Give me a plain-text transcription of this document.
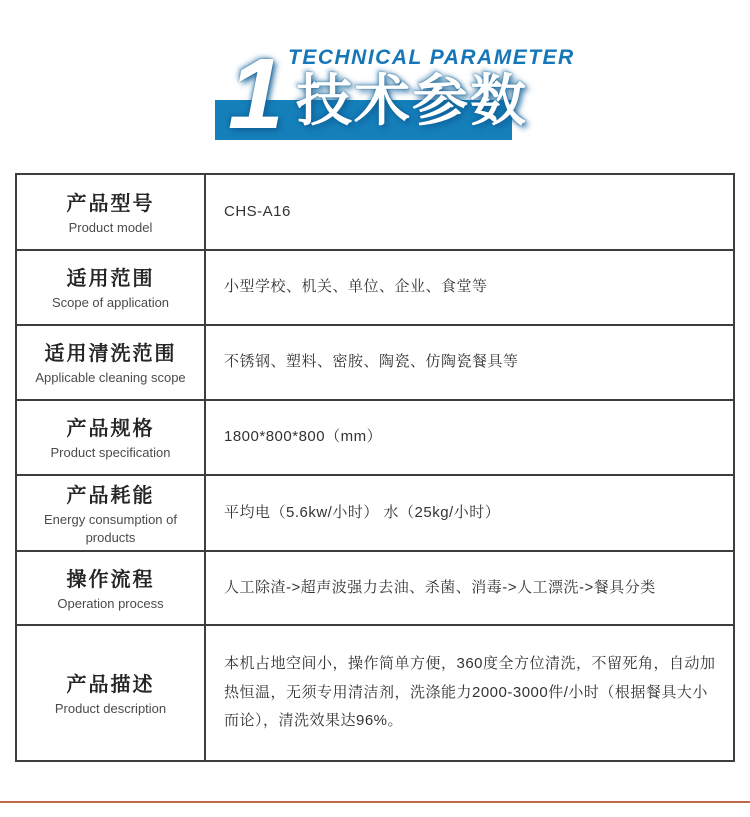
TECHNICAL PARAMETER
1 技术参数
产品型号
Product model
CHS-A16
适用范围
Scope of application
小型学校、机关、单位、企业、食堂等
适用清洗范围
Applicable cleaning scope
不锈钢、塑料、密胺、陶瓷、仿陶瓷餐具等
产品规格
Product specification
1800*800*800（mm）
产品耗能
Energy consumption of products
平均电（5.6kw/小时） 水（25kg/小时）
操作流程
Operation process
人工除渣->超声波强力去油、杀菌、消毒->人工漂洗->餐具分类
产品描述
Product description
本机占地空间小，操作简单方便，360度全方位清洗，不留死角，自动加热恒温，无须专用清洁剂，洗涤能力2000-3000件/小时（根据餐具大小而论），清洗效果达96%。
